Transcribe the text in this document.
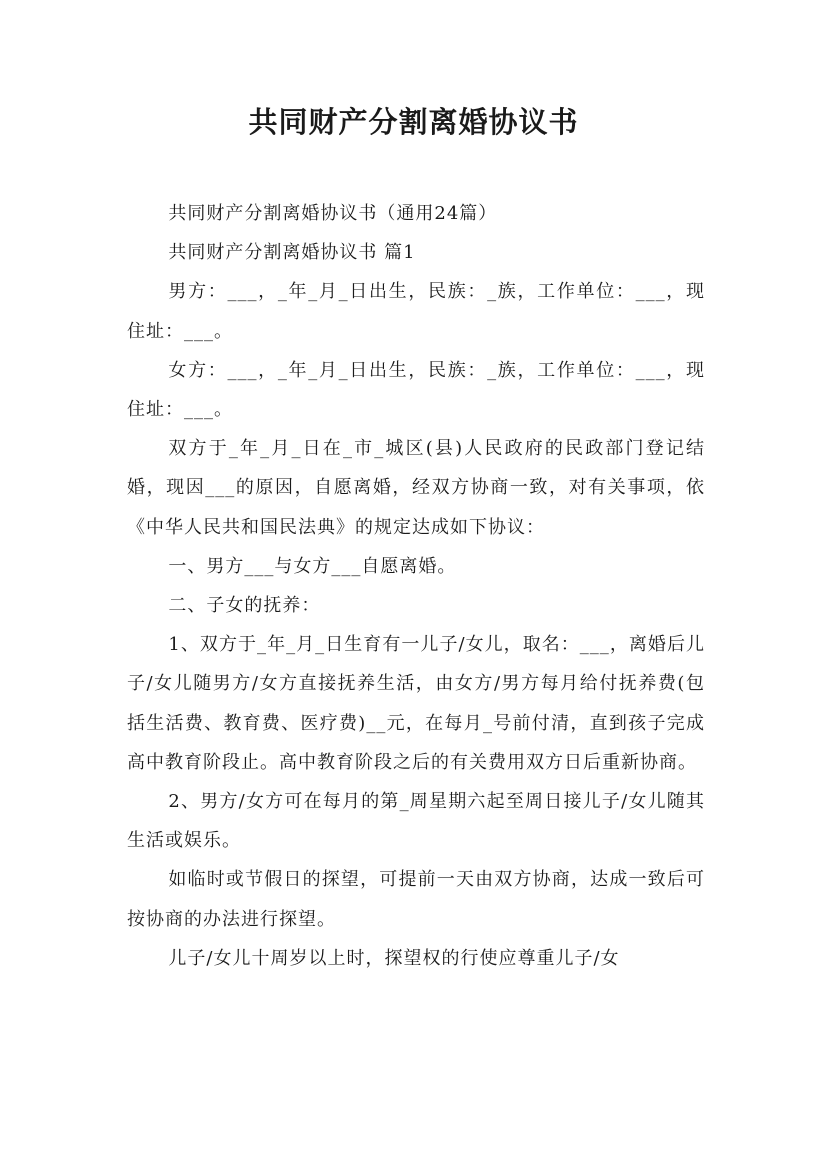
共同财产分割离婚协议书

共同财产分割离婚协议书（通用24篇）

共同财产分割离婚协议书 篇1

男方：___，_年_月_日出生，民族：_族，工作单位：___，现住址：___。

女方：___，_年_月_日出生，民族：_族，工作单位：___，现住址：___。

双方于_年_月_日在_市_城区(县)人民政府的民政部门登记结婚，现因___的原因，自愿离婚，经双方协商一致，对有关事项，依《中华人民共和国民法典》的规定达成如下协议：

一、男方___与女方___自愿离婚。

二、子女的抚养：

1、双方于_年_月_日生育有一儿子/女儿，取名：___，离婚后儿子/女儿随男方/女方直接抚养生活，由女方/男方每月给付抚养费(包括生活费、教育费、医疗费)__元，在每月_号前付清，直到孩子完成高中教育阶段止。高中教育阶段之后的有关费用双方日后重新协商。

2、男方/女方可在每月的第_周星期六起至周日接儿子/女儿随其生活或娱乐。

如临时或节假日的探望，可提前一天由双方协商，达成一致后可按协商的办法进行探望。

儿子/女儿十周岁以上时，探望权的行使应尊重儿子/女
